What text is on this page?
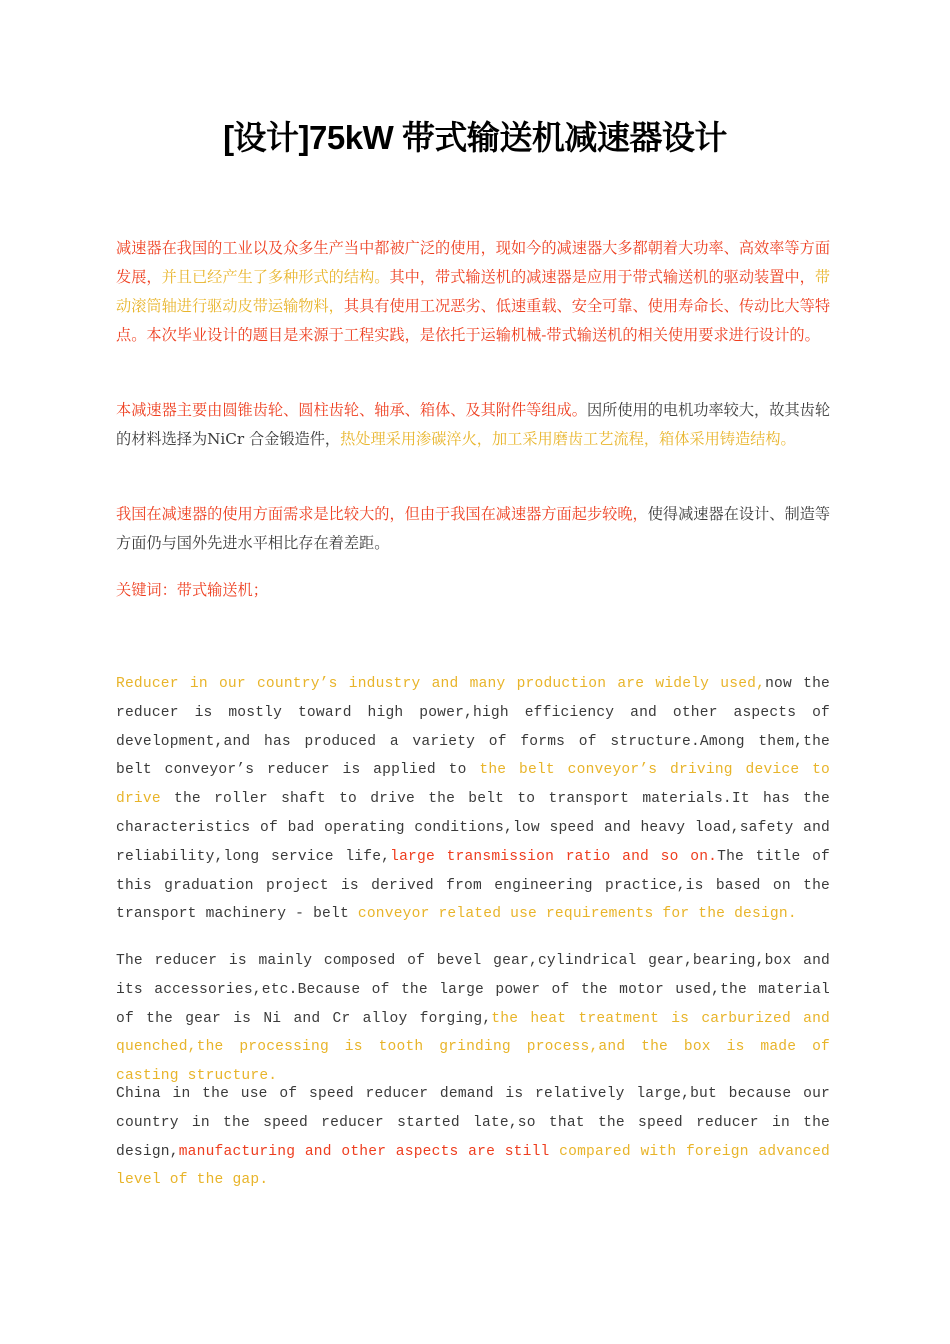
[设计]75kW 带式输送机减速器设计

减速器在我国的工业以及众多生产当中都被广泛的使用，现如今的减速器大多都朝着大功率、高效率等方面发展，并且已经产生了多种形式的结构。其中，带式输送机的减速器是应用于带式输送机的驱动装置中，带动滚筒轴进行驱动皮带运输物料，其具有使用工况恶劣、低速重载、安全可靠、使用寿命长、传动比大等特点。本次毕业设计的题目是来源于工程实践，是依托于运输机械-带式输送机的相关使用要求进行设计的。

本减速器主要由圆锥齿轮、圆柱齿轮、轴承、箱体、及其附件等组成。因所使用的电机功率较大，故其齿轮的材料选择为NiCr 合金锻造件，热处理采用渗碳淬火，加工采用磨齿工艺流程，箱体采用铸造结构。

我国在减速器的使用方面需求是比较大的，但由于我国在减速器方面起步较晚，使得减速器在设计、制造等方面仍与国外先进水平相比存在着差距。

关键词：带式输送机；

Reducer in our country’s industry and many production are widely used,now the reducer is mostly toward high power,high efficiency and other aspects of development,and has produced a variety of forms of structure.Among them,the belt conveyor’s reducer is applied to the belt conveyor’s driving device to drive the roller shaft to drive the belt to transport materials.It has the characteristics of bad operating conditions,low speed and heavy load,safety and reliability,long service life,large transmission ratio and so on.The title of this graduation project is derived from engineering practice,is based on the transport machinery - belt conveyor related use requirements for the design.

The reducer is mainly composed of bevel gear,cylindrical gear,bearing,box and its accessories,etc.Because of the large power of the motor used,the material of the gear is Ni and Cr alloy forging,the heat treatment is carburized and quenched,the processing is tooth grinding process,and the box is made of casting structure.

China in the use of speed reducer demand is relatively large,but because our country in the speed reducer started late,so that the speed reducer in the design,manufacturing and other aspects are still compared with foreign advanced level of the gap.
